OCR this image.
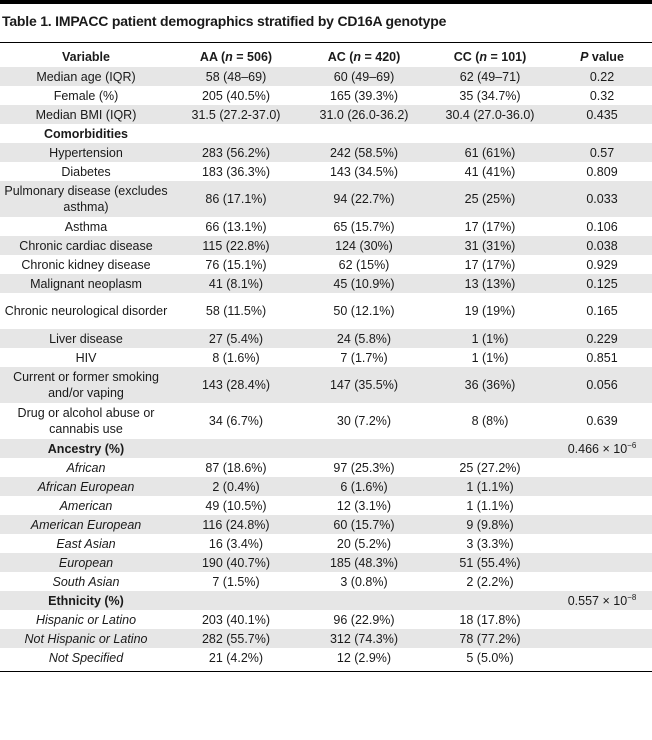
Table 1. IMPACC patient demographics stratified by CD16A genotype
Variable	AA (n = 506)	AC (n = 420)	CC (n = 101)	P value
Median age (IQR)	58 (48–69)	60 (49–69)	62 (49–71)	0.22
Female (%)	205 (40.5%)	165 (39.3%)	35 (34.7%)	0.32
Median BMI (IQR)	31.5 (27.2-37.0)	31.0 (26.0-36.2)	30.4 (27.0-36.0)	0.435
Comorbidities				
Hypertension	283 (56.2%)	242 (58.5%)	61 (61%)	0.57
Diabetes	183 (36.3%)	143 (34.5%)	41 (41%)	0.809
Pulmonary disease (excludes asthma)	86 (17.1%)	94 (22.7%)	25 (25%)	0.033
Asthma	66 (13.1%)	65 (15.7%)	17 (17%)	0.106
Chronic cardiac disease	115 (22.8%)	124 (30%)	31 (31%)	0.038
Chronic kidney disease	76 (15.1%)	62 (15%)	17 (17%)	0.929
Malignant neoplasm	41 (8.1%)	45 (10.9%)	13 (13%)	0.125
Chronic neurological disorder	58 (11.5%)	50 (12.1%)	19 (19%)	0.165
Liver disease	27 (5.4%)	24 (5.8%)	1 (1%)	0.229
HIV	8 (1.6%)	7 (1.7%)	1 (1%)	0.851
Current or former smoking and/or vaping	143 (28.4%)	147 (35.5%)	36 (36%)	0.056
Drug or alcohol abuse or cannabis use	34 (6.7%)	30 (7.2%)	8 (8%)	0.639
Ancestry (%)				$0.466 \times 10^{-6}$
African	87 (18.6%)	97 (25.3%)	25 (27.2%)	
African European	2 (0.4%)	6 (1.6%)	1 (1.1%)	
American	49 (10.5%)	12 (3.1%)	1 (1.1%)	
American European	116 (24.8%)	60 (15.7%)	9 (9.8%)	
East Asian	16 (3.4%)	20 (5.2%)	3 (3.3%)	
European	190 (40.7%)	185 (48.3%)	51 (55.4%)	
South Asian	7 (1.5%)	3 (0.8%)	2 (2.2%)	
Ethnicity (%)				$0.557 \times 10^{-8}$
Hispanic or Latino	203 (40.1%)	96 (22.9%)	18 (17.8%)	
Not Hispanic or Latino	282 (55.7%)	312 (74.3%)	78 (77.2%)	
Not Specified	21 (4.2%)	12 (2.9%)	5 (5.0%)	
